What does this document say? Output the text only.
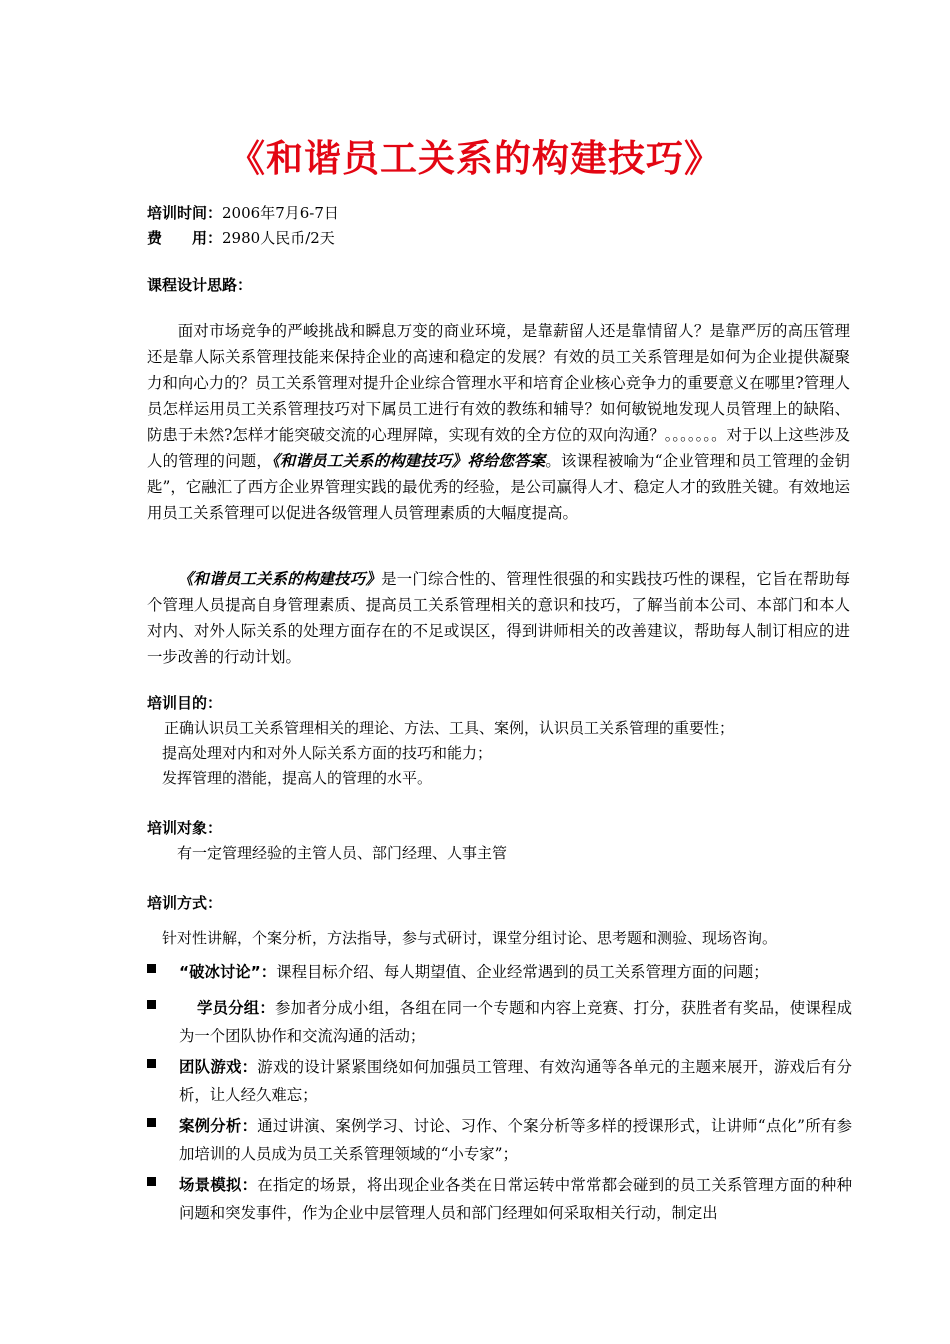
《和谐员工关系的构建技巧》
培训时间：2006年7月6-7日
费　　用：2980人民币/2天
课程设计思路：
面对市场竞争的严峻挑战和瞬息万变的商业环境，是靠薪留人还是靠情留人？是靠严厉的高压管理还是靠人际关系管理技能来保持企业的高速和稳定的发展？有效的员工关系管理是如何为企业提供凝聚力和向心力的？员工关系管理对提升企业综合管理水平和培育企业核心竞争力的重要意义在哪里?管理人员怎样运用员工关系管理技巧对下属员工进行有效的教练和辅导？如何敏锐地发现人员管理上的缺陷、防患于未然?怎样才能突破交流的心理屏障，实现有效的全方位的双向沟通？。。。。。。。对于以上这些涉及人的管理的问题，《和谐员工关系的构建技巧》将给您答案。该课程被喻为“企业管理和员工管理的金钥匙”，它融汇了西方企业界管理实践的最优秀的经验，是公司赢得人才、稳定人才的致胜关键。有效地运用员工关系管理可以促进各级管理人员管理素质的大幅度提高。
《和谐员工关系的构建技巧》是一门综合性的、管理性很强的和实践技巧性的课程，它旨在帮助每个管理人员提高自身管理素质、提高员工关系管理相关的意识和技巧，了解当前本公司、本部门和本人对内、对外人际关系的处理方面存在的不足或误区，得到讲师相关的改善建议，帮助每人制订相应的进一步改善的行动计划。
培训目的：
正确认识员工关系管理相关的理论、方法、工具、案例，认识员工关系管理的重要性；
提高处理对内和对外人际关系方面的技巧和能力；
发挥管理的潜能，提高人的管理的水平。
培训对象：
有一定管理经验的主管人员、部门经理、人事主管
培训方式：
针对性讲解，个案分析，方法指导，参与式研讨，课堂分组讨论、思考题和测验、现场咨询。
“破冰讨论”：课程目标介绍、每人期望值、企业经常遇到的员工关系管理方面的问题；
学员分组：参加者分成小组，各组在同一个专题和内容上竞赛、打分，获胜者有奖品，使课程成为一个团队协作和交流沟通的活动；
团队游戏：游戏的设计紧紧围绕如何加强员工管理、有效沟通等各单元的主题来展开，游戏后有分析，让人经久难忘；
案例分析：通过讲演、案例学习、讨论、习作、个案分析等多样的授课形式，让讲师“点化”所有参加培训的人员成为员工关系管理领域的“小专家”；
场景模拟：在指定的场景，将出现企业各类在日常运转中常常都会碰到的员工关系管理方面的种种问题和突发事件，作为企业中层管理人员和部门经理如何采取相关行动，制定出
